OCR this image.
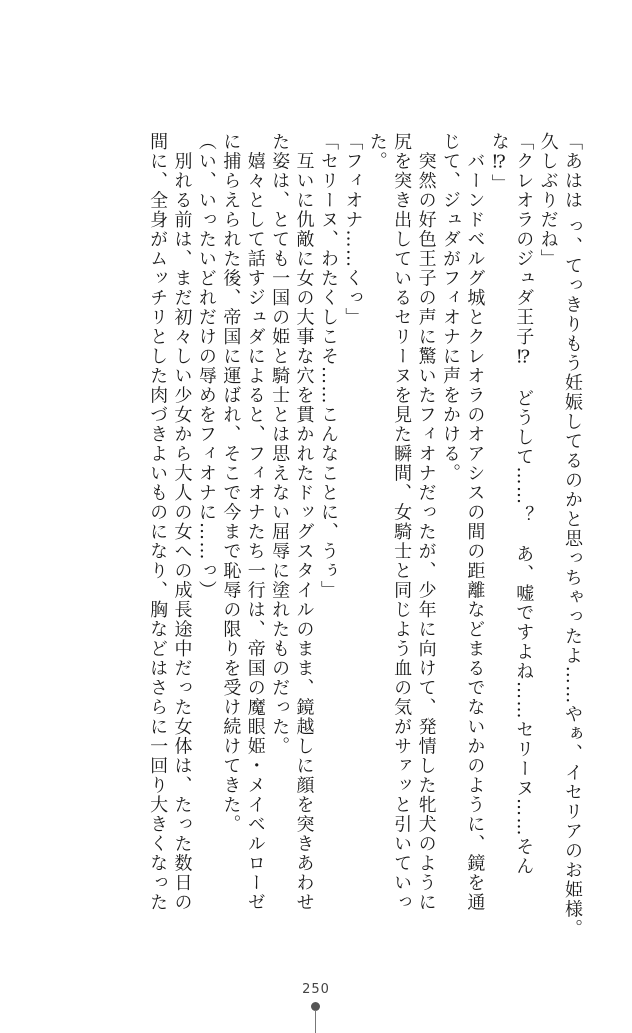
「あはは っ、てっきりもう妊娠してるのかと思っちゃったよ……やぁ、イセリアのお姫様。
久しぶりだね」
「クレオラのジュダ王子⁉　どうして……？　あ、嘘ですよね……セリーヌ……そん
な⁉」
　バーンドベルグ城とクレオラのオアシスの間の距離などまるでないかのように、鏡を通
じて、ジュダがフィオナに声をかける。
　突然の好色王子の声に驚いたフィオナだったが、少年に向けて、発情した牝犬のように
尻を突き出しているセリーヌを見た瞬間、女騎士と同じよう血の気がサァッと引いていっ
た。
「フィオナ……くっ」
「セリーヌ、わたくしこそ……こんなことに、うぅ」
　互いに仇敵に女の大事な穴を貫かれたドッグスタイルのまま、鏡越しに顔を突きあわせ
た姿は、とても一国の姫と騎士とは思えない屈辱に塗れたものだった。
　嬉々として話すジュダによると、フィオナたち一行は、帝国の魔眼姫・メイベルローゼ
に捕らえられた後、帝国に運ばれ、そこで今まで恥辱の限りを受け続けてきた。
（い、いったいどれだけの辱めをフィオナに……っ）
　別れる前は、まだ初々しい少女から大人の女への成長途中だった女体は、たった数日の
間に、全身がムッチリとした肉づきよいものになり、胸などはさらに一回り大きくなった
250
